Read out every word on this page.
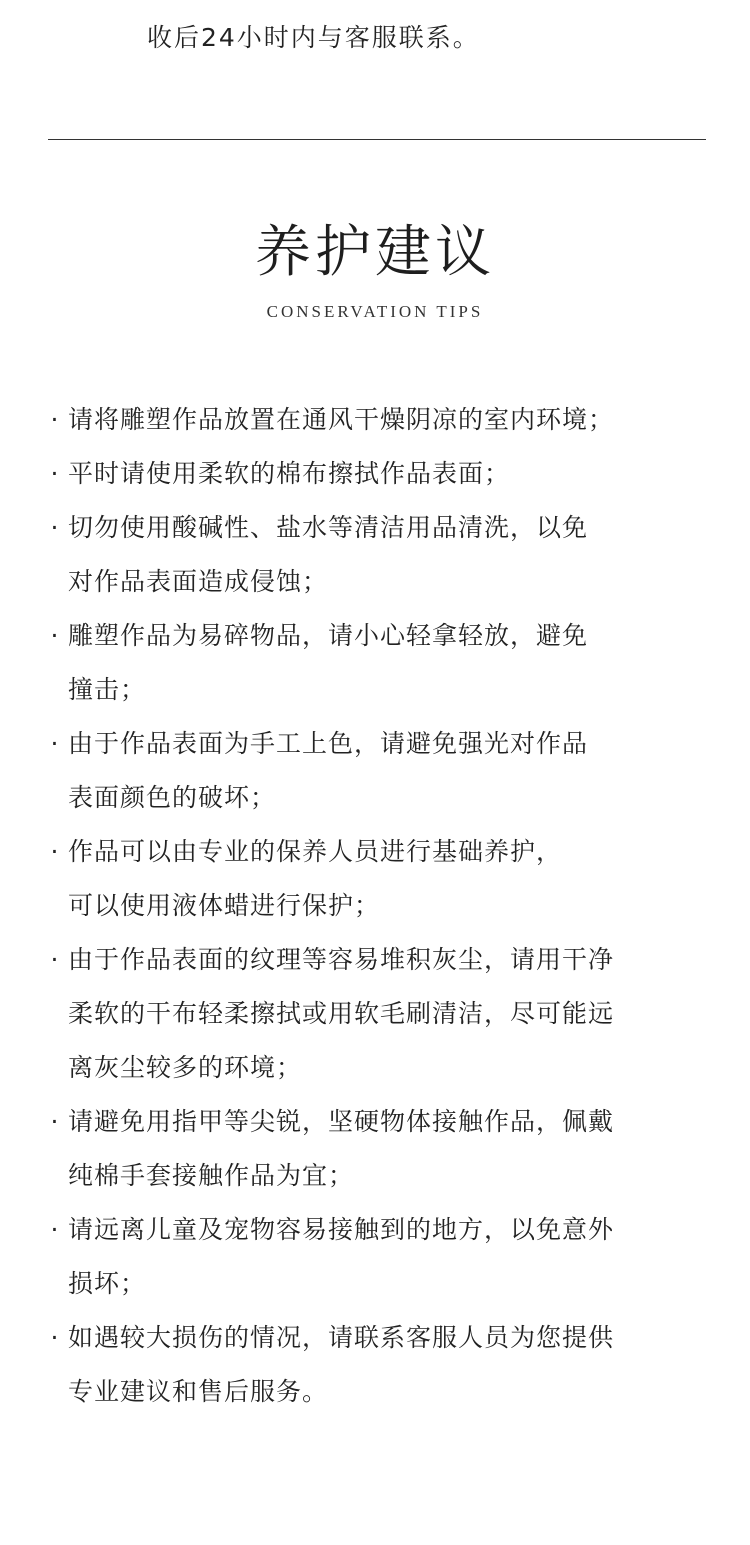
收后24小时内与客服联系。
养护建议
CONSERVATION TIPS
· 请将雕塑作品放置在通风干燥阴凉的室内环境；
· 平时请使用柔软的棉布擦拭作品表面；
· 切勿使用酸碱性、盐水等清洁用品清洗，以免
对作品表面造成侵蚀；
· 雕塑作品为易碎物品，请小心轻拿轻放，避免
撞击；
· 由于作品表面为手工上色，请避免强光对作品
表面颜色的破坏；
· 作品可以由专业的保养人员进行基础养护，
可以使用液体蜡进行保护；
· 由于作品表面的纹理等容易堆积灰尘，请用干净
柔软的干布轻柔擦拭或用软毛刷清洁，尽可能远
离灰尘较多的环境；
· 请避免用指甲等尖锐，坚硬物体接触作品，佩戴
纯棉手套接触作品为宜；
· 请远离儿童及宠物容易接触到的地方，以免意外
损坏；
· 如遇较大损伤的情况，请联系客服人员为您提供
专业建议和售后服务。
